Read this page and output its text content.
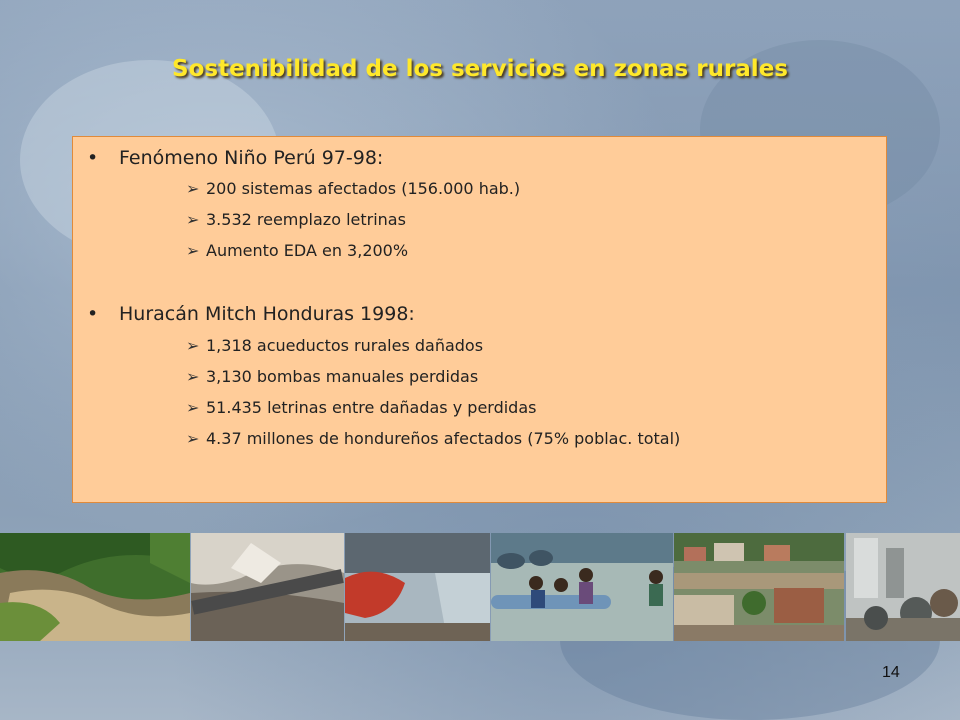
Sostenibilidad de los servicios en zonas rurales
• Fenómeno Niño Perú 97-98:
➢ 200 sistemas afectados (156.000 hab.)
➢ 3.532 reemplazo letrinas
➢ Aumento EDA en 3,200%
• Huracán Mitch Honduras 1998:
➢ 1,318 acueductos rurales dañados
➢ 3,130 bombas manuales perdidas
➢ 51.435 letrinas entre dañadas y perdidas
➢ 4.37 millones de hondureños afectados (75% poblac. total)
14
